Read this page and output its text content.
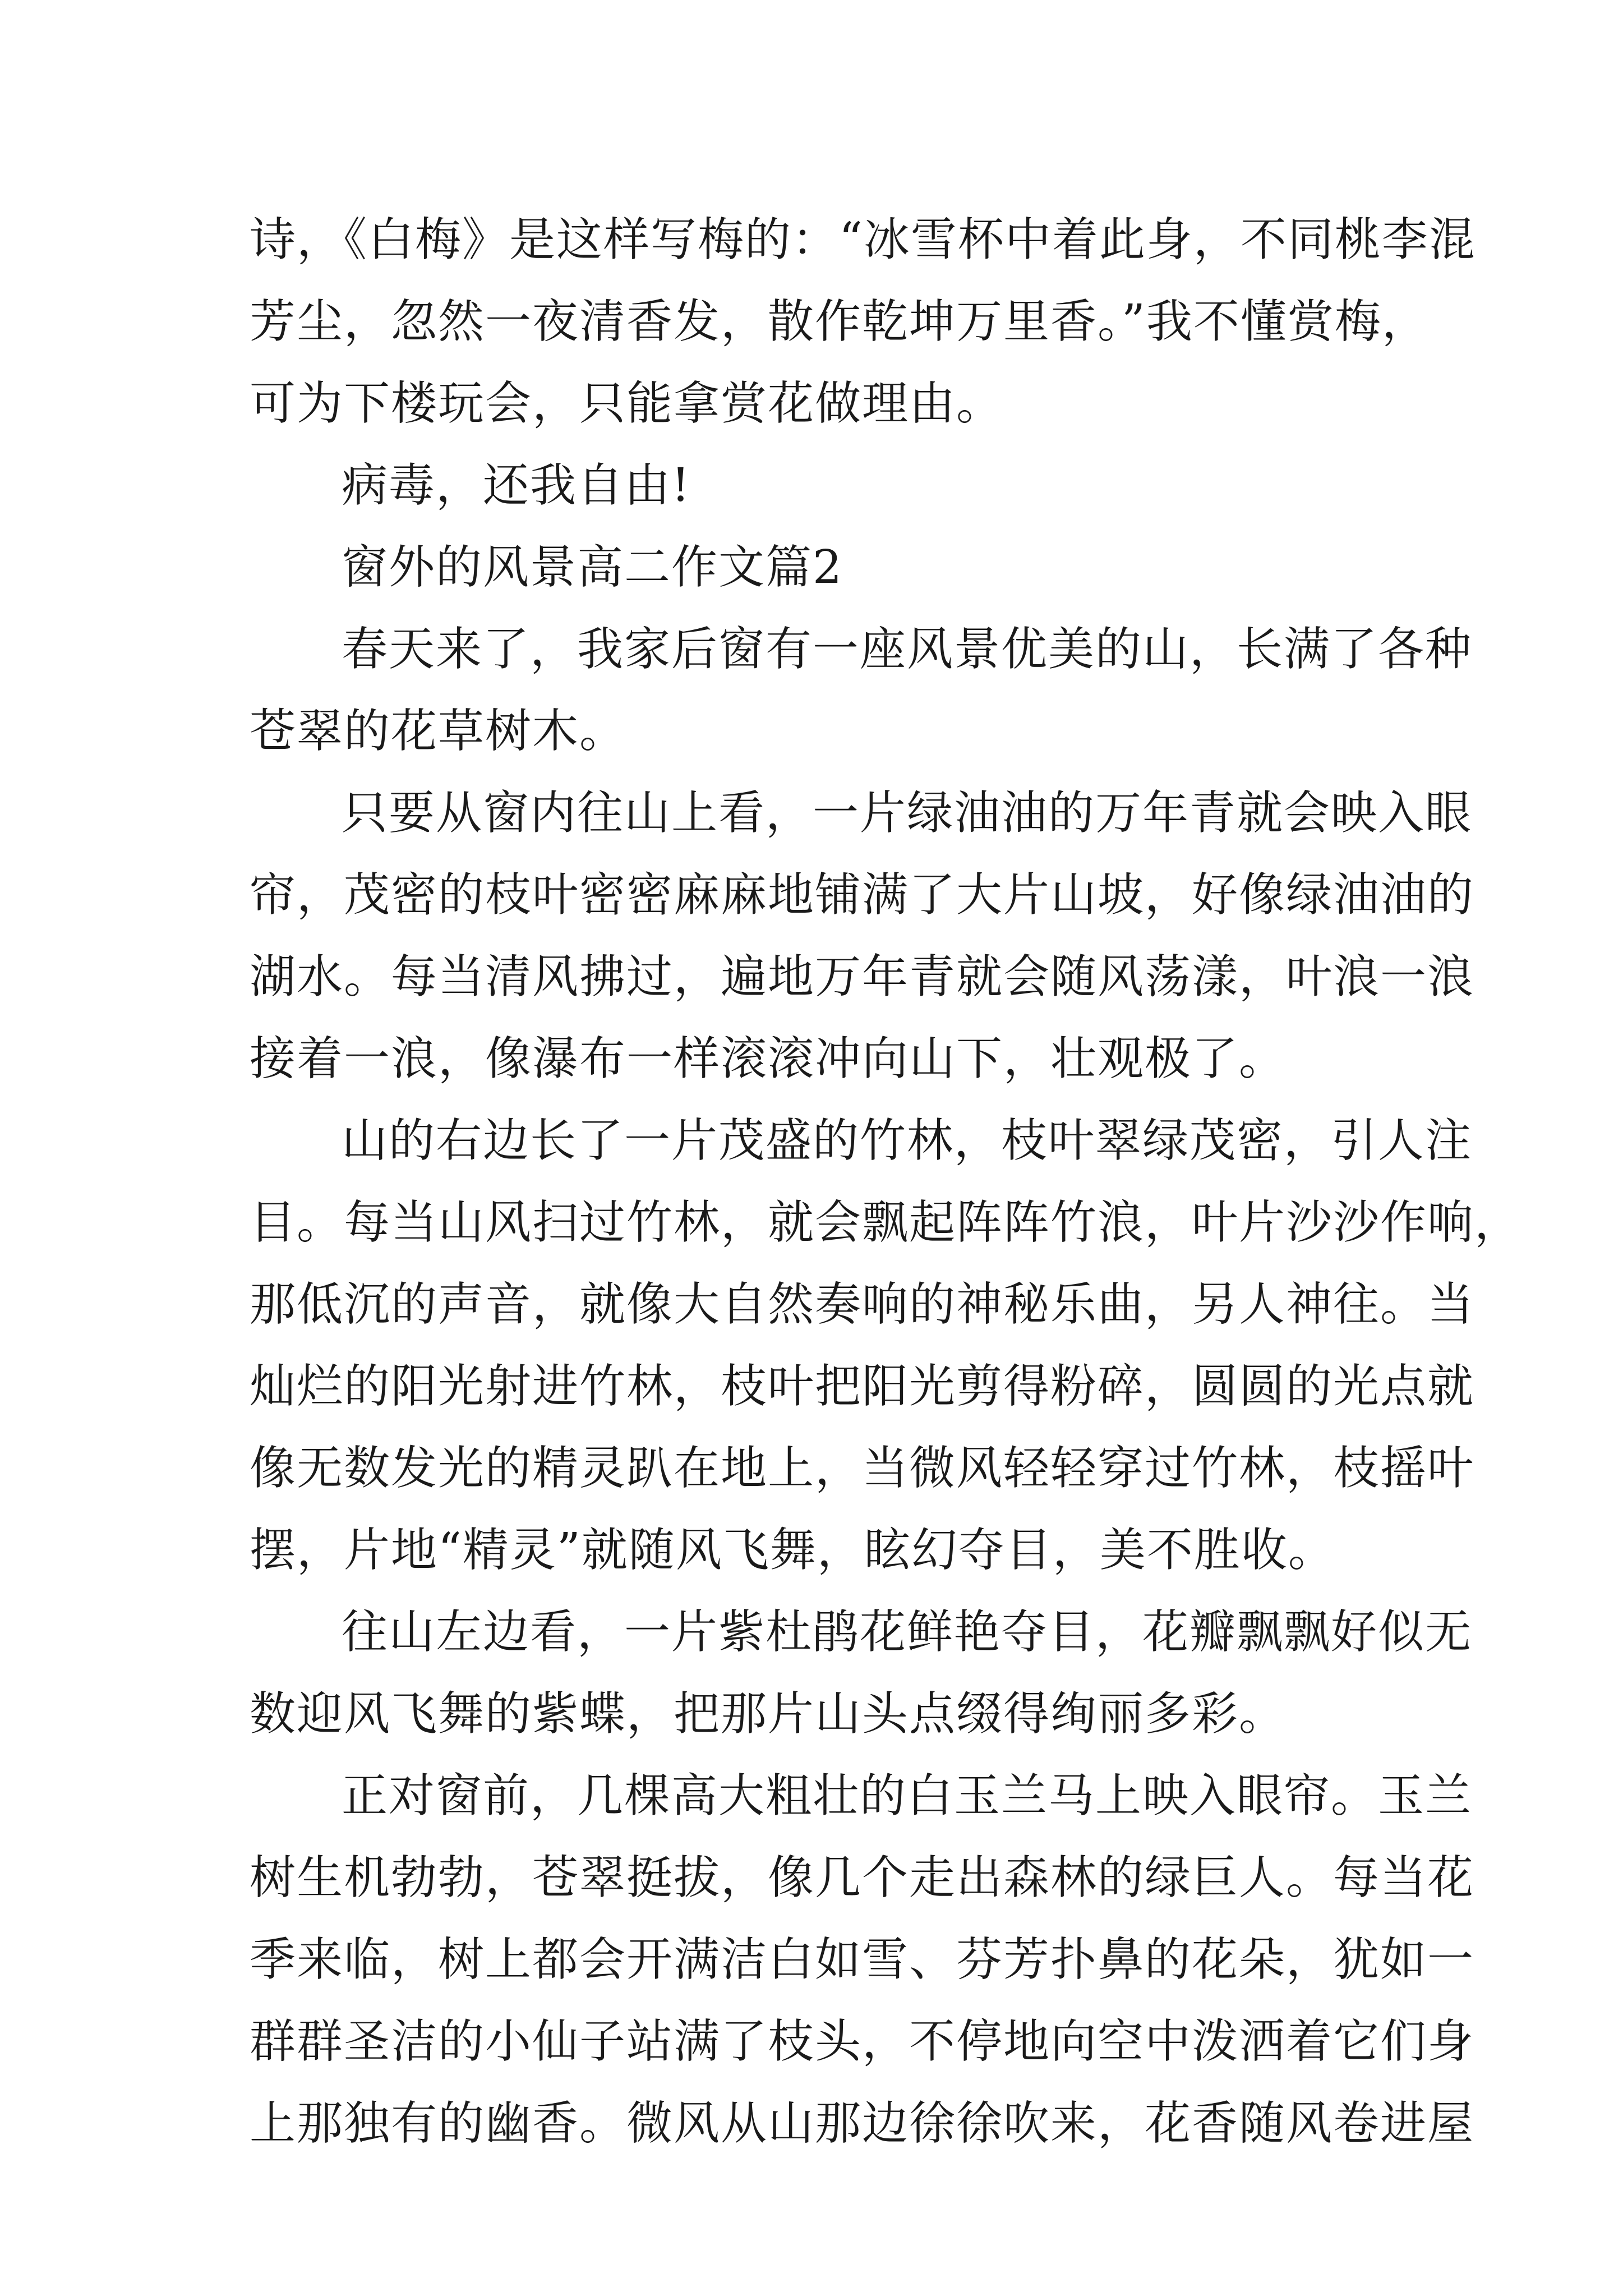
诗，《白梅》是这样写梅的：“冰雪杯中着此身，不同桃李混
芳尘，忽然一夜清香发，散作乾坤万里香。”我不懂赏梅，
可为下楼玩会，只能拿赏花做理由。
病毒，还我自由!
窗外的风景高二作文篇2
春天来了，我家后窗有一座风景优美的山，长满了各种
苍翠的花草树木。
只要从窗内往山上看，一片绿油油的万年青就会映入眼
帘，茂密的枝叶密密麻麻地铺满了大片山坡，好像绿油油的
湖水。每当清风拂过，遍地万年青就会随风荡漾，叶浪一浪
接着一浪，像瀑布一样滚滚冲向山下，壮观极了。
山的右边长了一片茂盛的竹林，枝叶翠绿茂密，引人注
目。每当山风扫过竹林，就会飘起阵阵竹浪，叶片沙沙作响，
那低沉的声音，就像大自然奏响的神秘乐曲，另人神往。当
灿烂的阳光射进竹林，枝叶把阳光剪得粉碎，圆圆的光点就
像无数发光的精灵趴在地上，当微风轻轻穿过竹林，枝摇叶
摆，片地“精灵”就随风飞舞，眩幻夺目，美不胜收。
往山左边看，一片紫杜鹃花鲜艳夺目，花瓣飘飘好似无
数迎风飞舞的紫蝶，把那片山头点缀得绚丽多彩。
正对窗前，几棵高大粗壮的白玉兰马上映入眼帘。玉兰
树生机勃勃，苍翠挺拔，像几个走出森林的绿巨人。每当花
季来临，树上都会开满洁白如雪、芬芳扑鼻的花朵，犹如一
群群圣洁的小仙子站满了枝头，不停地向空中泼洒着它们身
上那独有的幽香。微风从山那边徐徐吹来，花香随风卷进屋
